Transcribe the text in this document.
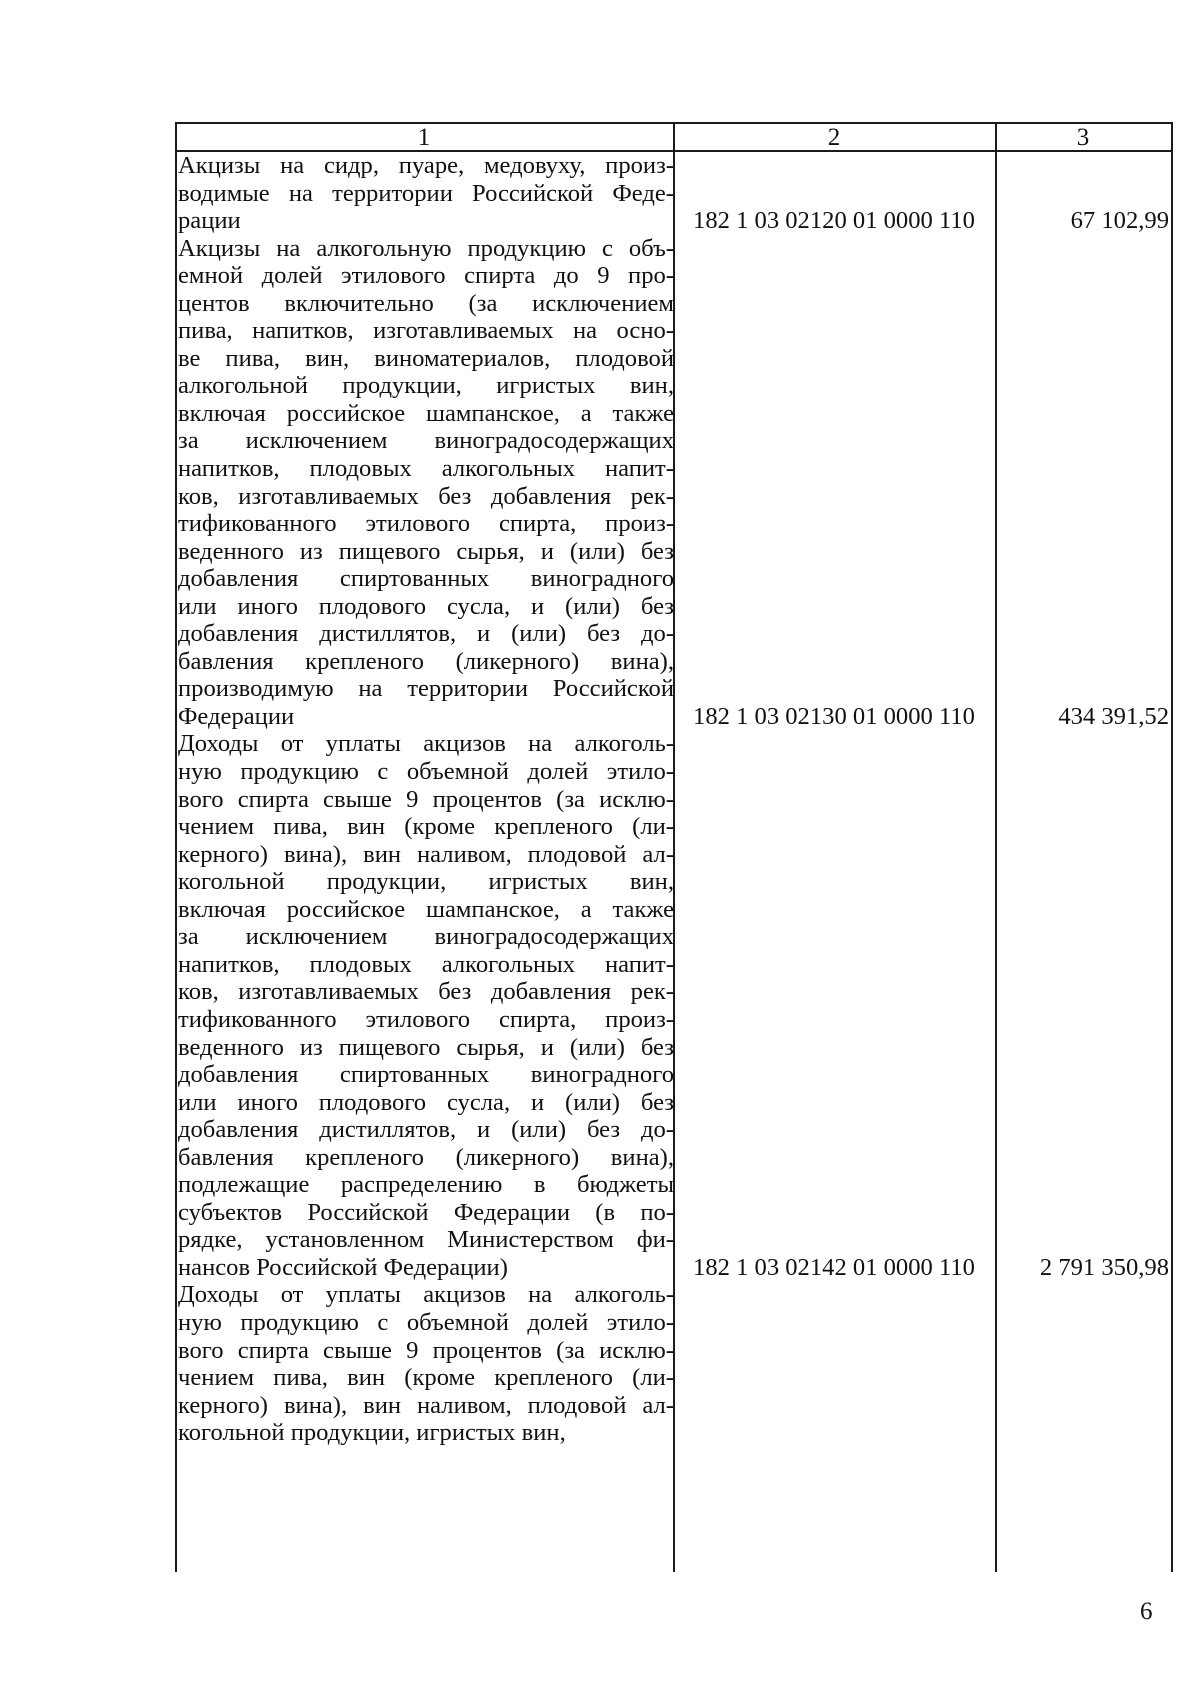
1	2	3
Акцизы на сидр, пуаре, медовуху, произ-
водимые на территории Российской Феде-
рации	182 1 03 02120 01 0000 110	67 102,99
Акцизы на алкогольную продукцию с объ-
емной долей этилового спирта до 9 про-
центов включительно (за исключением
пива, напитков, изготавливаемых на осно-
ве пива, вин, виноматериалов, плодовой
алкогольной продукции, игристых вин,
включая российское шампанское, а также
за исключением виноградосодержащих
напитков, плодовых алкогольных напит-
ков, изготавливаемых без добавления рек-
тификованного этилового спирта, произ-
веденного из пищевого сырья, и (или) без
добавления спиртованных виноградного
или иного плодового сусла, и (или) без
добавления дистиллятов, и (или) без до-
бавления крепленого (ликерного) вина),
производимую на территории Российской
Федерации	182 1 03 02130 01 0000 110	434 391,52
Доходы от уплаты акцизов на алкоголь-
ную продукцию с объемной долей этило-
вого спирта свыше 9 процентов (за исклю-
чением пива, вин (кроме крепленого (ли-
керного) вина), вин наливом, плодовой ал-
когольной продукции, игристых вин,
включая российское шампанское, а также
за исключением виноградосодержащих
напитков, плодовых алкогольных напит-
ков, изготавливаемых без добавления рек-
тификованного этилового спирта, произ-
веденного из пищевого сырья, и (или) без
добавления спиртованных виноградного
или иного плодового сусла, и (или) без
добавления дистиллятов, и (или) без до-
бавления крепленого (ликерного) вина),
подлежащие распределению в бюджеты
субъектов Российской Федерации (в по-
рядке, установленном Министерством фи-
нансов Российской Федерации)	182 1 03 02142 01 0000 110	2 791 350,98
Доходы от уплаты акцизов на алкоголь-
ную продукцию с объемной долей этило-
вого спирта свыше 9 процентов (за исклю-
чением пива, вин (кроме крепленого (ли-
керного) вина), вин наливом, плодовой ал-
когольной продукции, игристых вин,
6
